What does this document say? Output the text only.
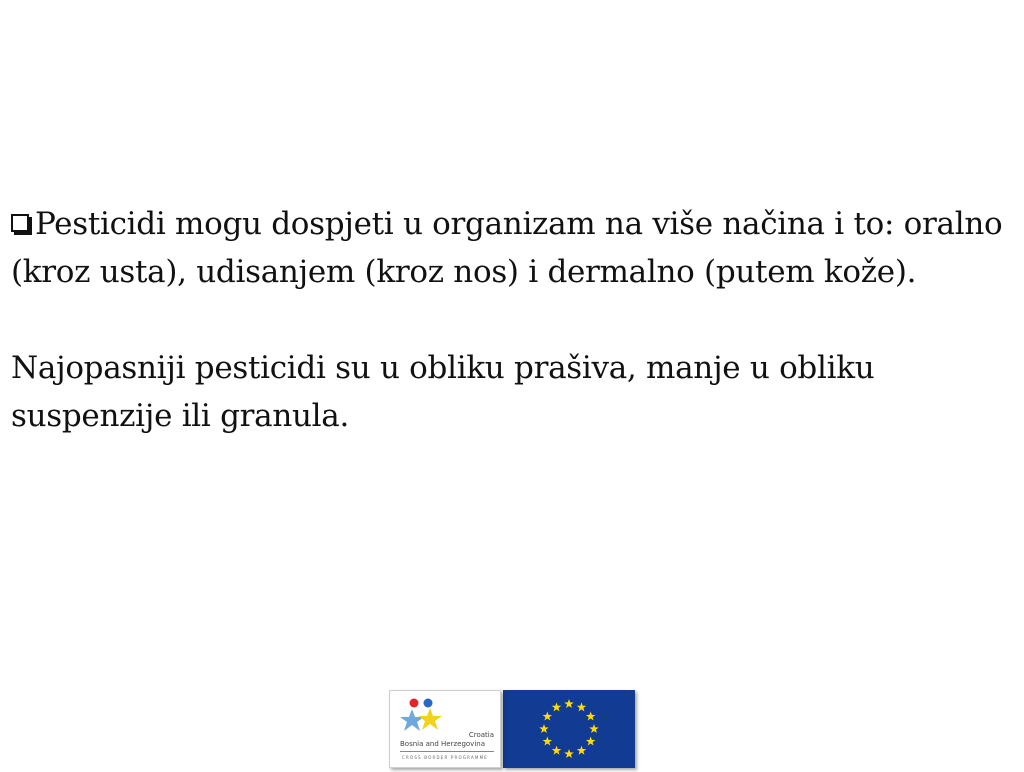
Pesticidi mogu dospjeti u organizam na više načina i to: oralno (kroz usta), udisanjem (kroz nos) i dermalno (putem kože).

Najopasniji pesticidi su u obliku prašiva, manje u obliku suspenzije ili granula.

Croatia
Bosnia and Herzegovina
CROSS BORDER PROGRAMME
